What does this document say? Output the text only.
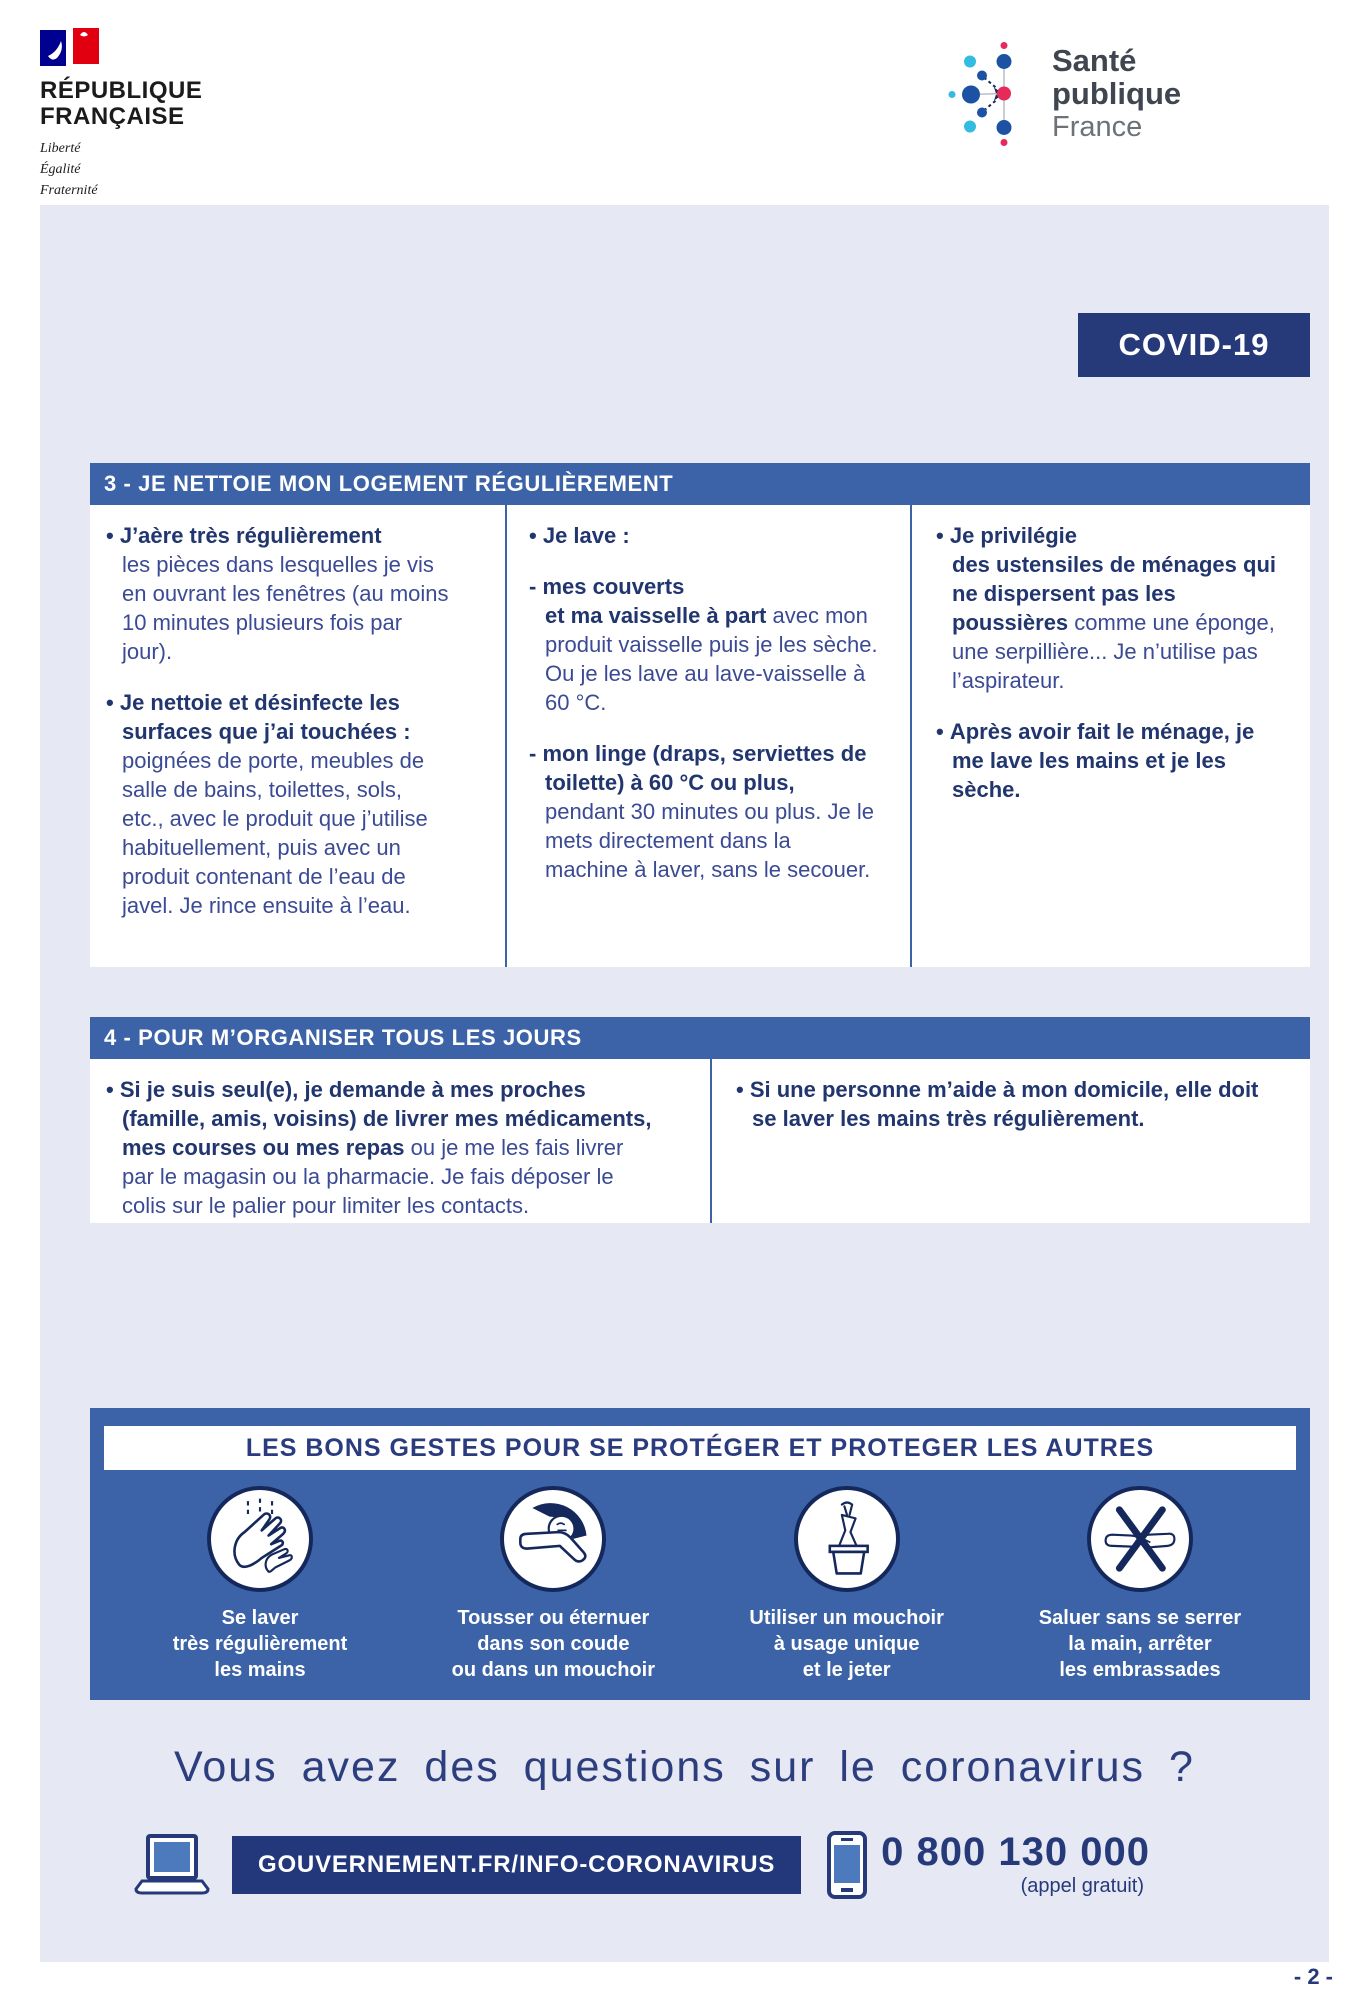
RÉPUBLIQUE
FRANÇAISE
Liberté
Égalité
Fraternité
Santé
publique
France
COVID-19
3 - JE NETTOIE MON LOGEMENT RÉGULIÈREMENT

• J’aère très régulièrement
les pièces dans lesquelles je vis en ouvrant les fenêtres (au moins 10 minutes plusieurs fois par jour).

• Je nettoie et désinfecte les surfaces que j’ai touchées :
poignées de porte, meubles de salle de bains, toilettes, sols, etc., avec le produit que j’utilise habituellement, puis avec un produit contenant de l’eau de javel. Je rince ensuite à l’eau.

• Je lave :

- mes couverts
et ma vaisselle à part avec mon produit vaisselle puis je les sèche. Ou je les lave au lave-vaisselle à 60 °C.

- mon linge (draps, serviettes de toilette) à 60 °C ou plus,
pendant 30 minutes ou plus. Je le mets directement dans la machine à laver, sans le secouer.

• Je privilégie
des ustensiles de ménages qui ne dispersent pas les poussières comme une éponge, une serpillière... Je n’utilise pas l’aspirateur.

• Après avoir fait le ménage, je me lave les mains et je les sèche.

4 - POUR M’ORGANISER TOUS LES JOURS

• Si je suis seul(e), je demande à mes proches (famille, amis, voisins) de livrer mes médicaments, mes courses ou mes repas ou je me les fais livrer par le magasin ou la pharmacie. Je fais déposer le colis sur le palier pour limiter les contacts.

• Si une personne m’aide à mon domicile, elle doit se laver les mains très régulièrement.

LES BONS GESTES POUR SE PROTÉGER ET PROTEGER LES AUTRES
Se laver
très régulièrement
les mains
Tousser ou éternuer
dans son coude
ou dans un mouchoir
Utiliser un mouchoir
à usage unique
et le jeter
Saluer sans se serrer
la main, arrêter
les embrassades
Vous avez des questions sur le coronavirus ?
GOUVERNEMENT.FR/INFO-CORONAVIRUS	0 800 130 000
(appel gratuit)
- 2 -
